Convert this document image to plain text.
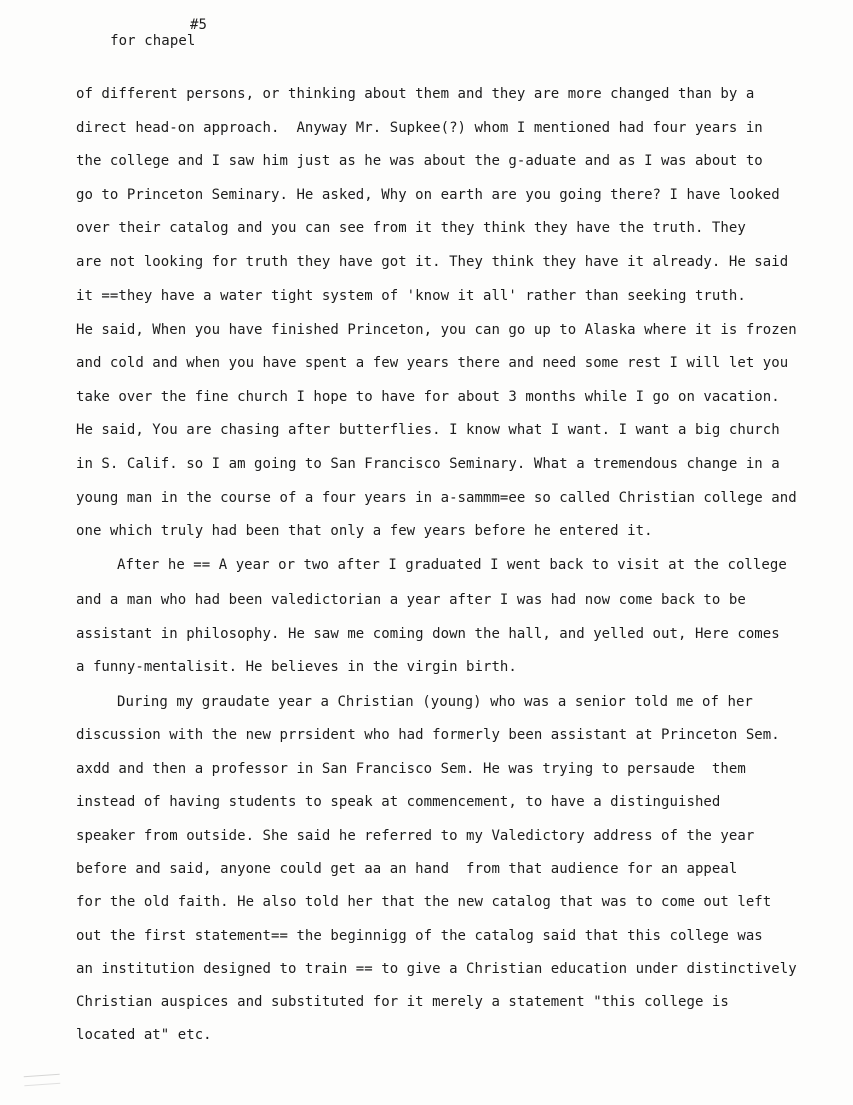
for chapel

#5

of different persons, or thinking about them and they are more changed than by a
direct head-on approach.  Anyway Mr. Supkee(?) whom I mentioned had four years in
the college and I saw him just as he was about the g-aduate and as I was about to
go to Princeton Seminary. He asked, Why on earth are you going there? I have looked
over their catalog and you can see from it they think they have the truth. They
are not looking for truth they have got it. They think they have it already. He said
it ==they have a water tight system of 'know it all' rather than seeking truth.
He said, When you have finished Princeton, you can go up to Alaska where it is frozen
and cold and when you have spent a few years there and need some rest I will let you
take over the fine church I hope to have for about 3 months while I go on vacation.
He said, You are chasing after butterflies. I know what I want. I want a big church
in S. Calif. so I am going to San Francisco Seminary. What a tremendous change in a
young man in the course of a four years in a-sammm=ee so called Christian college and
one which truly had been that only a few years before he entered it.
After he == A year or two after I graduated I went back to visit at the college
and a man who had been valedictorian a year after I was had now come back to be
assistant in philosophy. He saw me coming down the hall, and yelled out, Here comes
a funny-mentalisit. He believes in the virgin birth.
During my graudate year a Christian (young) who was a senior told me of her
discussion with the new prrsident who had formerly been assistant at Princeton Sem.
axdd and then a professor in San Francisco Sem. He was trying to persaude  them
instead of having students to speak at commencement, to have a distinguished
speaker from outside. She said he referred to my Valedictory address of the year
before and said, anyone could get aa an hand  from that audience for an appeal
for the old faith. He also told her that the new catalog that was to come out left
out the first statement== the beginnigg of the catalog said that this college was
an institution designed to train == to give a Christian education under distinctively
Christian auspices and substituted for it merely a statement "this college is
located at" etc.
